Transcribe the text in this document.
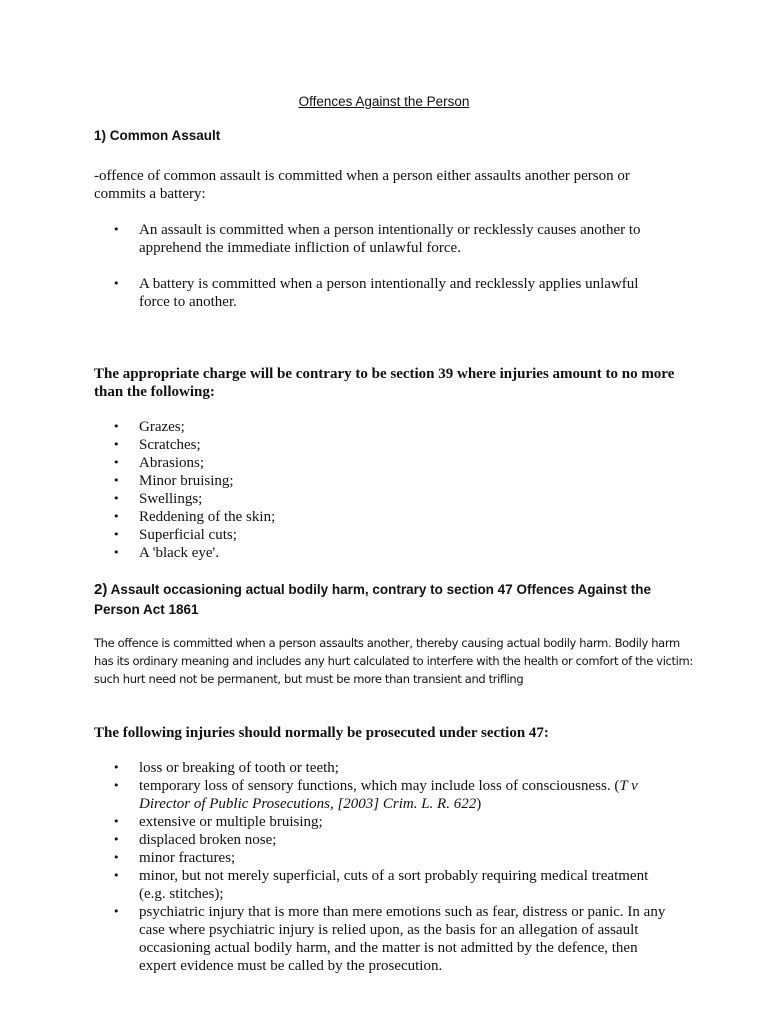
Offences Against the Person
1) Common Assault
-offence of common assault is committed when a person either assaults another person or commits a battery:
• An assault is committed when a person intentionally or recklessly causes another to apprehend the immediate infliction of unlawful force.
• A battery is committed when a person intentionally and recklessly applies unlawful force to another.
The appropriate charge will be contrary to be section 39 where injuries amount to no more than the following:
• Grazes;
• Scratches;
• Abrasions;
• Minor bruising;
• Swellings;
• Reddening of the skin;
• Superficial cuts;
• A 'black eye'.
2) Assault occasioning actual bodily harm, contrary to section 47 Offences Against the Person Act 1861
The offence is committed when a person assaults another, thereby causing actual bodily harm. Bodily harm has its ordinary meaning and includes any hurt calculated to interfere with the health or comfort of the victim: such hurt need not be permanent, but must be more than transient and trifling
The following injuries should normally be prosecuted under section 47:
• loss or breaking of tooth or teeth;
• temporary loss of sensory functions, which may include loss of consciousness. (T v Director of Public Prosecutions, [2003] Crim. L. R. 622)
• extensive or multiple bruising;
• displaced broken nose;
• minor fractures;
• minor, but not merely superficial, cuts of a sort probably requiring medical treatment (e.g. stitches);
• psychiatric injury that is more than mere emotions such as fear, distress or panic. In any case where psychiatric injury is relied upon, as the basis for an allegation of assault occasioning actual bodily harm, and the matter is not admitted by the defence, then expert evidence must be called by the prosecution.
